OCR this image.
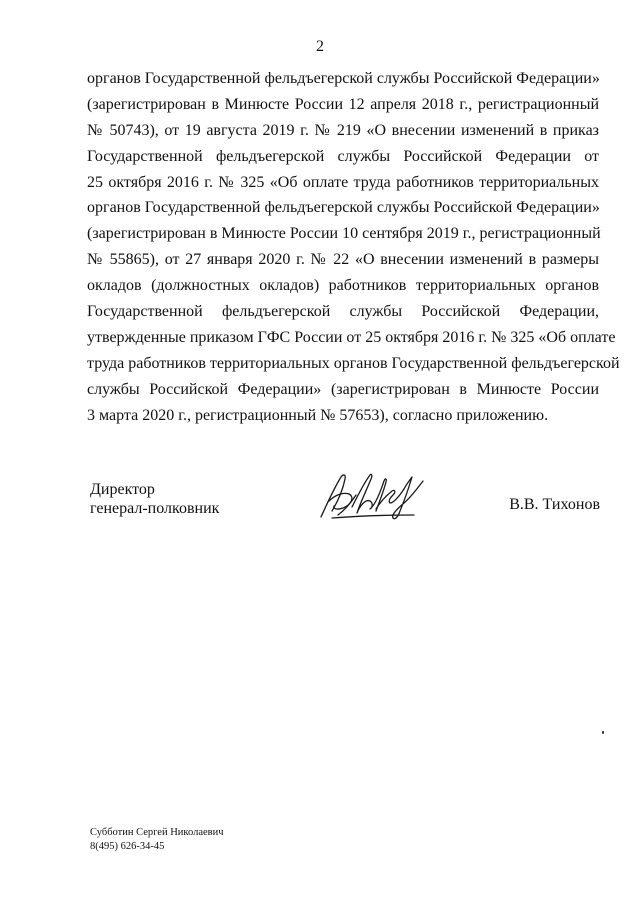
2
органов Государственной фельдъегерской службы Российской Федерации»
(зарегистрирован в Минюсте России 12 апреля 2018 г., регистрационный
№ 50743), от 19 августа 2019 г. № 219 «О внесении изменений в приказ
Государственной фельдъегерской службы Российской Федерации от
25 октября 2016 г. № 325 «Об оплате труда работников территориальных
органов Государственной фельдъегерской службы Российской Федерации»
(зарегистрирован в Минюсте России 10 сентября 2019 г., регистрационный
№ 55865), от 27 января 2020 г. № 22 «О внесении изменений в размеры
окладов (должностных окладов) работников территориальных органов
Государственной фельдъегерской службы Российской Федерации,
утвержденные приказом ГФС России от 25 октября 2016 г. № 325 «Об оплате
труда работников территориальных органов Государственной фельдъегерской
службы Российской Федерации» (зарегистрирован в Минюсте России
3 марта 2020 г., регистрационный № 57653), согласно приложению.
Директор
генерал-полковник	В.В. Тихонов
Субботин Сергей Николаевич
8(495) 626-34-45
